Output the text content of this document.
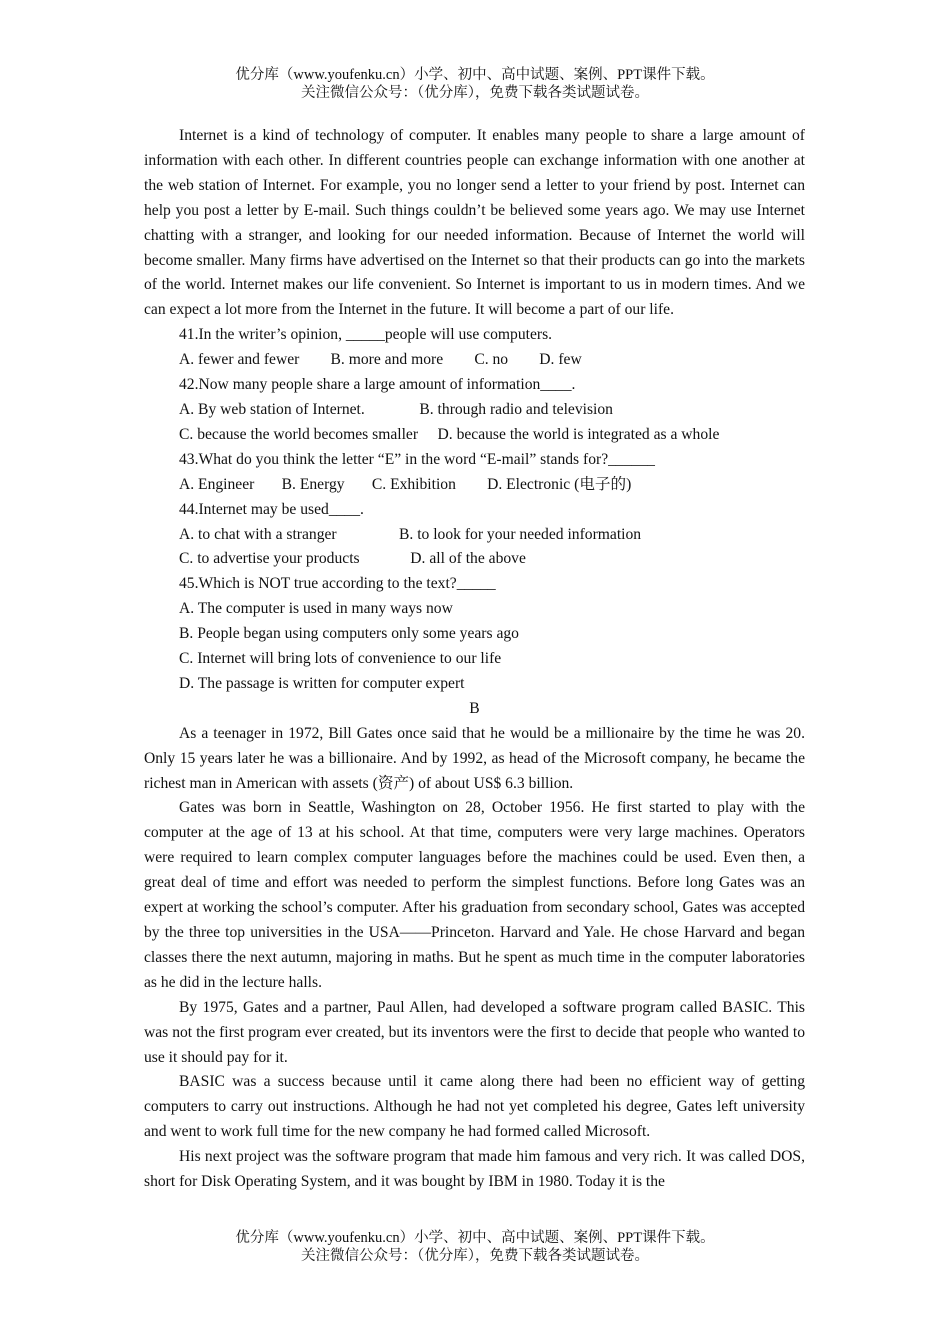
优分库（www.youfenku.cn）小学、初中、高中试题、案例、PPT课件下载。
关注微信公众号：（优分库），免费下载各类试题试卷。

Internet is a kind of technology of computer. It enables many people to share a large amount of information with each other. In different countries people can exchange information with one another at the web station of Internet. For example, you no longer send a letter to your friend by post. Internet can help you post a letter by E-mail. Such things couldn’t be believed some years ago. We may use Internet chatting with a stranger, and looking for our needed information. Because of Internet the world will become smaller. Many firms have advertised on the Internet so that their products can go into the markets of the world. Internet makes our life convenient. So Internet is important to us in modern times. And we can expect a lot more from the Internet in the future. It will become a part of our life.

41.In the writer’s opinion, _____people will use computers.

A. fewer and fewer        B. more and more        C. no        D. few

42.Now many people share a large amount of information____.

A. By web station of Internet.              B. through radio and television

C. because the world becomes smaller     D. because the world is integrated as a whole

43.What do you think the letter “E” in the word “E-mail” stands for?______

A. Engineer       B. Energy       C. Exhibition        D. Electronic (电子的)

44.Internet may be used____.

A. to chat with a stranger                B. to look for your needed information

C. to advertise your products             D. all of the above

45.Which is NOT true according to the text?_____

A. The computer is used in many ways now

B. People began using computers only some years ago

C. Internet will bring lots of convenience to our life

D. The passage is written for computer expert

B

As a teenager in 1972, Bill Gates once said that he would be a millionaire by the time he was 20. Only 15 years later he was a billionaire. And by 1992, as head of the Microsoft company, he became the richest man in American with assets (资产) of about US$ 6.3 billion.

Gates was born in Seattle, Washington on 28, October 1956. He first started to play with the computer at the age of 13 at his school. At that time, computers were very large machines. Operators were required to learn complex computer languages before the machines could be used. Even then, a great deal of time and effort was needed to perform the simplest functions. Before long Gates was an expert at working the school’s computer. After his graduation from secondary school, Gates was accepted by the three top universities in the USA——Princeton. Harvard and Yale. He chose Harvard and began classes there the next autumn, majoring in maths. But he spent as much time in the computer laboratories as he did in the lecture halls.

By 1975, Gates and a partner, Paul Allen, had developed a software program called BASIC. This was not the first program ever created, but its inventors were the first to decide that people who wanted to use it should pay for it.

BASIC was a success because until it came along there had been no efficient way of getting computers to carry out instructions. Although he had not yet completed his degree, Gates left university and went to work full time for the new company he had formed called Microsoft.

His next project was the software program that made him famous and very rich. It was called DOS, short for Disk Operating System, and it was bought by IBM in 1980. Today it is the

优分库（www.youfenku.cn）小学、初中、高中试题、案例、PPT课件下载。
关注微信公众号：（优分库），免费下载各类试题试卷。
